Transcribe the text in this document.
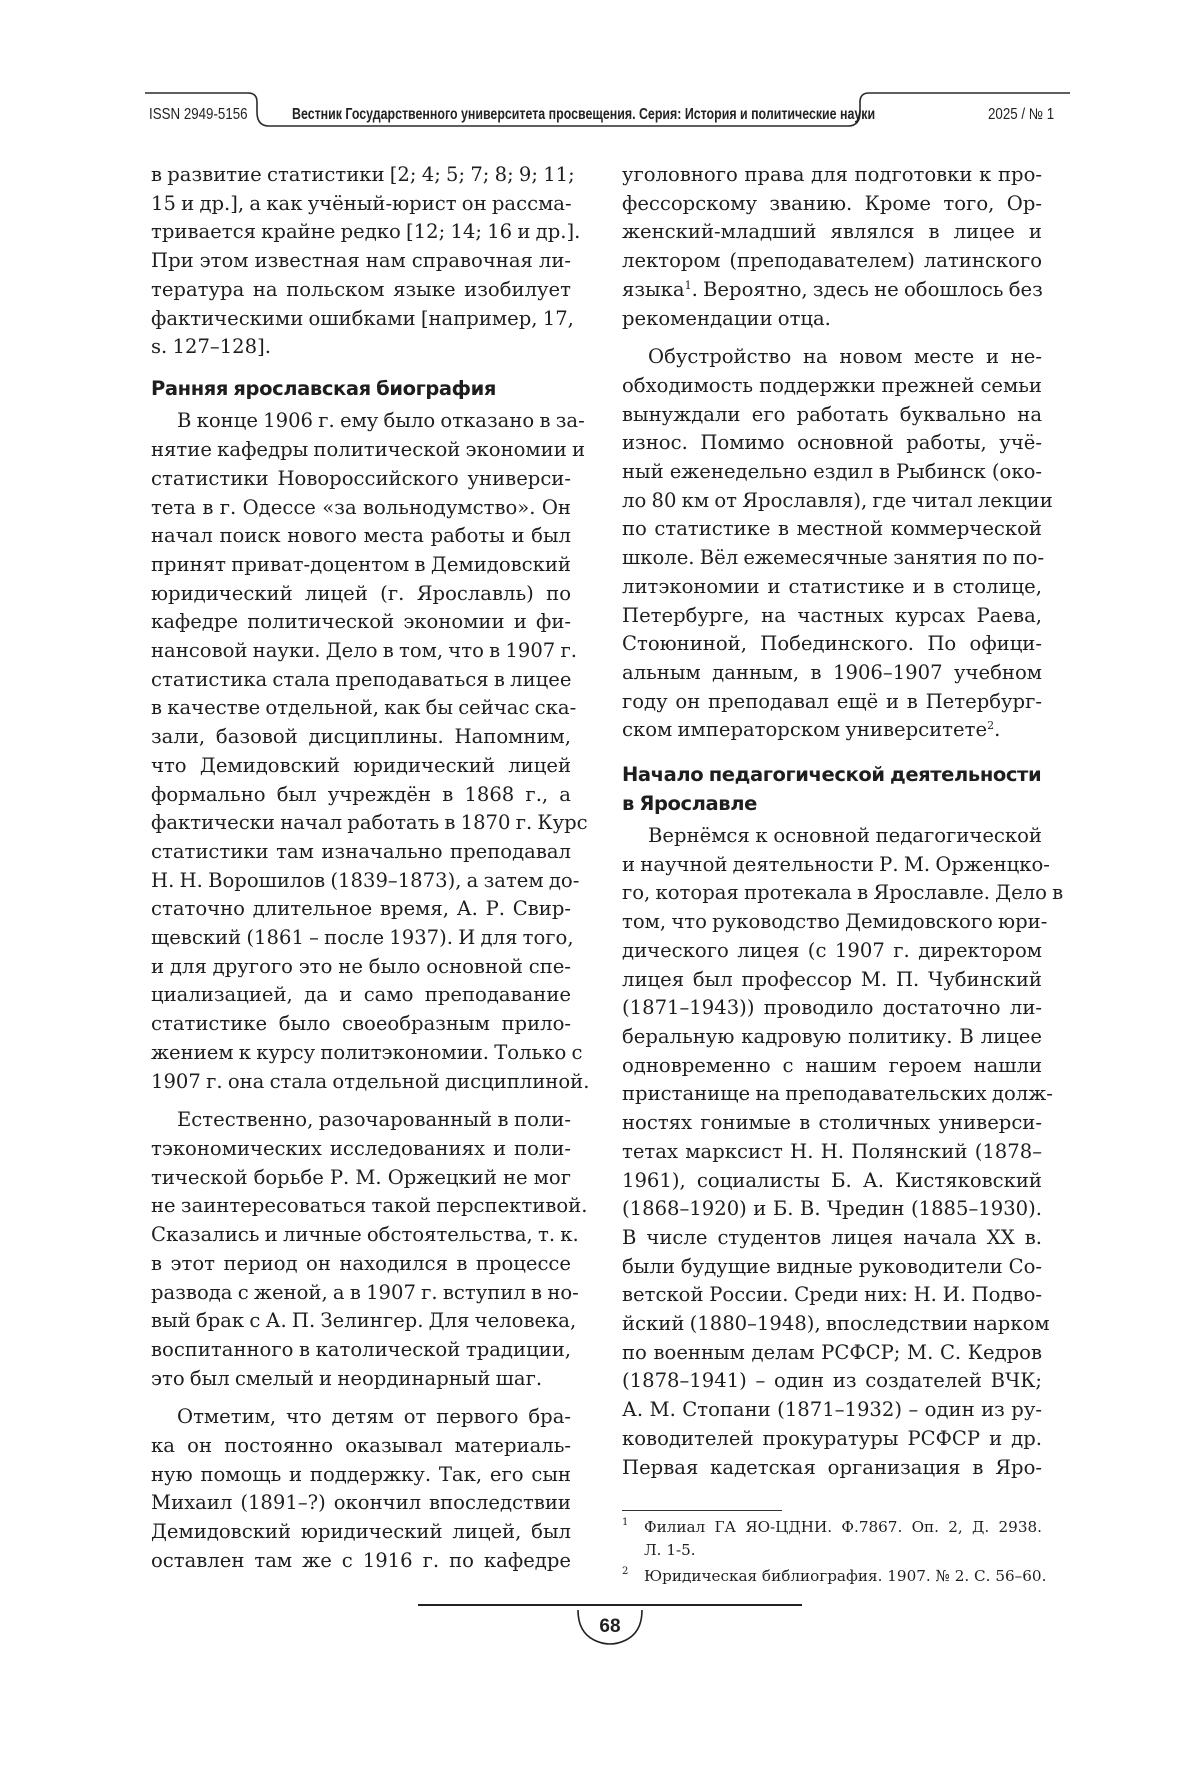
ISSN 2949-5156	Вестник Государственного университета просвещения. Серия: История и политические науки	2025 / № 1

в развитие статистики [2; 4; 5; 7; 8; 9; 11;
15 и др.], а как учёный-юрист он рассма-
тривается крайне редко [12; 14; 16 и др.].
При этом известная нам справочная ли-
тература на польском языке изобилует
фактическими ошибками [например, 17,
s. 127–128].

Ранняя ярославская биография

В конце 1906 г. ему было отказано в за-
нятие кафедры политической экономии и
статистики Новороссийского универси-
тета в г. Одессе «за вольнодумство». Он
начал поиск нового места работы и был
принят приват-доцентом в Демидовский
юридический лицей (г. Ярославль) по
кафедре политической экономии и фи-
нансовой науки. Дело в том, что в 1907 г.
статистика стала преподаваться в лицее
в качестве отдельной, как бы сейчас ска-
зали, базовой дисциплины. Напомним,
что Демидовский юридический лицей
формально был учреждён в 1868 г., а
фактически начал работать в 1870 г. Курс
статистики там изначально преподавал
Н. Н. Ворошилов (1839–1873), а затем до-
статочно длительное время, А. Р. Свир-
щевский (1861 – после 1937). И для того,
и для другого это не было основной спе-
циализацией, да и само преподавание
статистике было своеобразным прило-
жением к курсу политэкономии. Только с
1907 г. она стала отдельной дисциплиной.

Естественно, разочарованный в поли-
тэкономических исследованиях и поли-
тической борьбе Р. М. Оржецкий не мог
не заинтересоваться такой перспективой.
Сказались и личные обстоятельства, т. к.
в этот период он находился в процессе
развода с женой, а в 1907 г. вступил в но-
вый брак с А. П. Зелингер. Для человека,
воспитанного в католической традиции,
это был смелый и неординарный шаг.

Отметим, что детям от первого бра-
ка он постоянно оказывал материаль-
ную помощь и поддержку. Так, его сын
Михаил (1891–?) окончил впоследствии
Демидовский юридический лицей, был
оставлен там же с 1916 г. по кафедре

уголовного права для подготовки к про-
фессорскому званию. Кроме того, Ор-
женский-младший являлся в лицее и
лектором (преподавателем) латинского
языка$^1$. Вероятно, здесь не обошлось без
рекомендации отца.

Обустройство на новом месте и не-
обходимость поддержки прежней семьи
вынуждали его работать буквально на
износ. Помимо основной работы, учё-
ный еженедельно ездил в Рыбинск (око-
ло 80 км от Ярославля), где читал лекции
по статистике в местной коммерческой
школе. Вёл ежемесячные занятия по по-
литэкономии и статистике и в столице,
Петербурге, на частных курсах Раева,
Стоюниной, Побединского. По офици-
альным данным, в 1906–1907 учебном
году он преподавал ещё и в Петербург-
ском императорском университете$^2$.

Начало педагогической деятельности

в Ярославле

Вернёмся к основной педагогической
и научной деятельности Р. М. Орженцко-
го, которая протекала в Ярославле. Дело в
том, что руководство Демидовского юри-
дического лицея (с 1907 г. директором
лицея был профессор М. П. Чубинский
(1871–1943)) проводило достаточно ли-
беральную кадровую политику. В лицее
одновременно с нашим героем нашли
пристанище на преподавательских долж-
ностях гонимые в столичных универси-
тетах марксист Н. Н. Полянский (1878–
1961), социалисты Б. А. Кистяковский
(1868–1920) и Б. В. Чредин (1885–1930).
В числе студентов лицея начала XX в.
были будущие видные руководители Со-
ветской России. Среди них: Н. И. Подво-
йский (1880–1948), впоследствии нарком
по военным делам РСФСР; М. С. Кедров
(1878–1941) – один из создателей ВЧК;
А. М. Стопани (1871–1932) – один из ру-
ководителей прокуратуры РСФСР и др.
Первая кадетская организация в Яро-

1 Филиал ГА ЯО-ЦДНИ. Ф.7867. Оп. 2, Д. 2938.
Л. 1-5.
2 Юридическая библиография. 1907. № 2. С. 56–60.
68
